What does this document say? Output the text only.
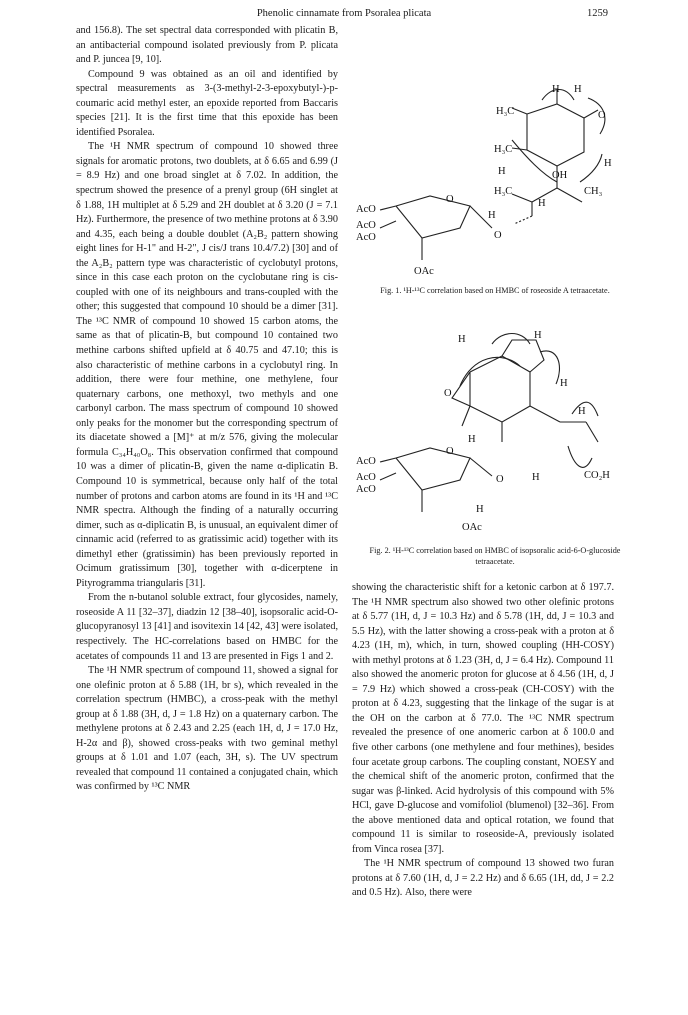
Phenolic cinnamate from Psoralea plicata	1259

and 156.8). The set spectral data corresponded with plicatin B, an antibacterial compound isolated previously from P. plicata and P. juncea [9, 10].

Compound 9 was obtained as an oil and identified by spectral measurements as 3-(3-methyl-2-3-epoxybutyl-)-p-coumaric acid methyl ester, an epoxide reported from Baccaris species [21]. It is the first time that this epoxide has been identified Psoralea.

The ¹H NMR spectrum of compound 10 showed three signals for aromatic protons, two doublets, at δ 6.65 and 6.99 (J = 8.9 Hz) and one broad singlet at δ 7.02. In addition, the spectrum showed the presence of a prenyl group (6H singlet at δ 1.88, 1H multiplet at δ 5.29 and 2H doublet at δ 3.20 (J = 7.1 Hz). Furthermore, the presence of two methine protons at δ 3.90 and 4.35, each being a double doublet (A₂B₂ pattern showing eight lines for H-1" and H-2", J cis/J trans 10.4/7.2) [30] and of the A₂B₂ pattern type was characteristic of cyclobutyl protons, since in this case each proton on the cyclobutane ring is cis-coupled with one of its neighbours and trans-coupled with the other; this suggested that compound 10 should be a dimer [31]. The ¹³C NMR of compound 10 showed 15 carbon atoms, the same as that of plicatin-B, but compound 10 contained two methine carbons shifted upfield at δ 40.75 and 47.10; this is also characteristic of methine carbons in a cyclobutyl ring. In addition, there were four methine, one methylene, four quaternary carbons, one methoxyl, two methyls and one carbonyl carbon. The mass spectrum of compound 10 showed only peaks for the monomer but the corresponding spectrum of its diacetate showed a [M]⁺ at m/z 576, giving the molecular formula C₃₄H₄₀O₈. This observation confirmed that compound 10 was a dimer of plicatin-B, given the name α-diplicatin B. Compound 10 is symmetrical, because only half of the total number of protons and carbon atoms are found in its ¹H and ¹³C NMR spectra. Although the finding of a naturally occurring dimer, such as α-diplicatin B, is unusual, an equivalent dimer of cinnamic acid (referred to as gratissimic acid) together with its dimethyl ether (gratissimin) has been previously reported in Ocimum gratissimum [30], together with α-dicerptene in Pityrogramma triangularis [31].

From the n-butanol soluble extract, four glycosides, namely, roseoside A 11 [32–37], diadzin 12 [38–40], isopsoralic acid-O-glucopyranosyl 13 [41] and isovitexin 14 [42, 43] were isolated, respectively. The HC-correlations based on HMBC for the acetates of compounds 11 and 13 are presented in Figs 1 and 2.

The ¹H NMR spectrum of compound 11, showed a signal for one olefinic proton at δ 5.88 (1H, br s), which revealed in the correlation spectrum (HMBC), a cross-peak with the methyl group at δ 1.88 (3H, d, J = 1.8 Hz) on a quaternary carbon. The methylene protons at δ 2.43 and 2.25 (each 1H, d, J = 17.0 Hz, H-2α and β), showed cross-peaks with two geminal methyl groups at δ 1.01 and 1.07 (each, 3H, s). The UV spectrum revealed that compound 11 contained a conjugated chain, which was confirmed by ¹³C NMR

H₃C
H H
H₃C
O
H	OH
H
H₃C	CH₃
H
H
O
AcO
AcO
AcO
O
OAc
Fig. 1. ¹H-¹³C correlation based on HMBC of roseoside A tetraacetate.
H	H
O
H
H
H
AcO
AcO
AcO
O
O	H	CO₂H
H
OAc
Fig. 2. ¹H-¹³C correlation based on HMBC of isopsoralic acid-6-O-glucoside tetraacetate.

showing the characteristic shift for a ketonic carbon at δ 197.7. The ¹H NMR spectrum also showed two other olefinic protons at δ 5.77 (1H, d, J = 10.3 Hz) and δ 5.78 (1H, dd, J = 10.3 and 5.5 Hz), with the latter showing a cross-peak with a proton at δ 4.23 (1H, m), which, in turn, showed coupling (HH-COSY) with methyl protons at δ 1.23 (3H, d, J = 6.4 Hz). Compound 11 also showed the anomeric proton for glucose at δ 4.56 (1H, d, J = 7.9 Hz) which showed a cross-peak (CH-COSY) with the proton at δ 4.23, suggesting that the linkage of the sugar is at the OH on the carbon at δ 77.0. The ¹³C NMR spectrum revealed the presence of one anomeric carbon at δ 100.0 and five other carbons (one methylene and four methines), besides four acetate group carbons. The coupling constant, NOESY and the chemical shift of the anomeric proton, confirmed that the sugar was β-linked. Acid hydrolysis of this compound with 5% HCl, gave D-glucose and vomifoliol (blumenol) [32–36]. From the above mentioned data and optical rotation, we found that compound 11 is similar to roseoside-A, previously isolated from Vinca rosea [37].

The ¹H NMR spectrum of compound 13 showed two furan protons at δ 7.60 (1H, d, J = 2.2 Hz) and δ 6.65 (1H, dd, J = 2.2 and 0.5 Hz). Also, there were
